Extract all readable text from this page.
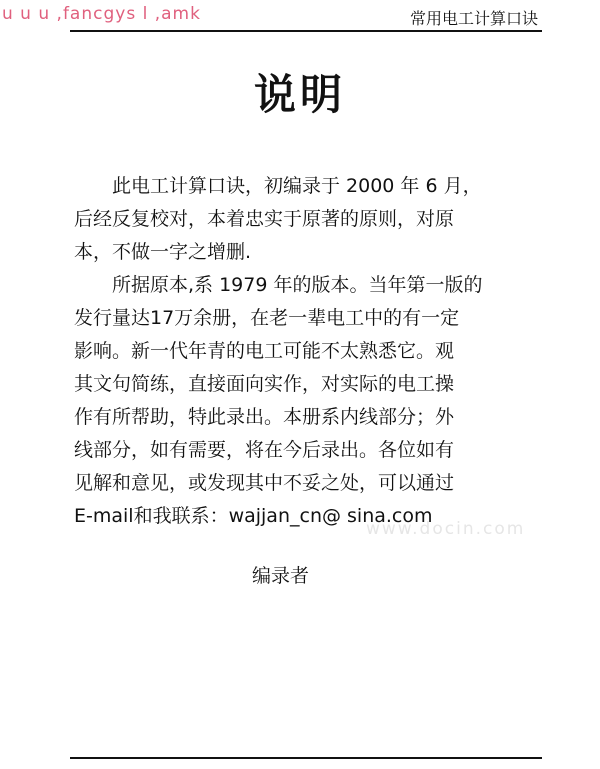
u u u ,fancgys l ,amk	常用电工计算口诀
说明
此电工计算口诀，初编录于 2000 年 6 月，
后经反复校对，本着忠实于原著的原则，对原
本，不做一字之增删.
所据原本,系 1979 年的版本。当年第一版的
发行量达17万余册，在老一辈电工中的有一定
影响。新一代年青的电工可能不太熟悉它。观
其文句简练，直接面向实作，对实际的电工操
作有所帮助，特此录出。本册系内线部分；外
线部分，如有需要，将在今后录出。各位如有
见解和意见，或发现其中不妥之处，可以通过
E-mail和我联系：wajjan_cn@ sina.com
www.docin.com
编录者
